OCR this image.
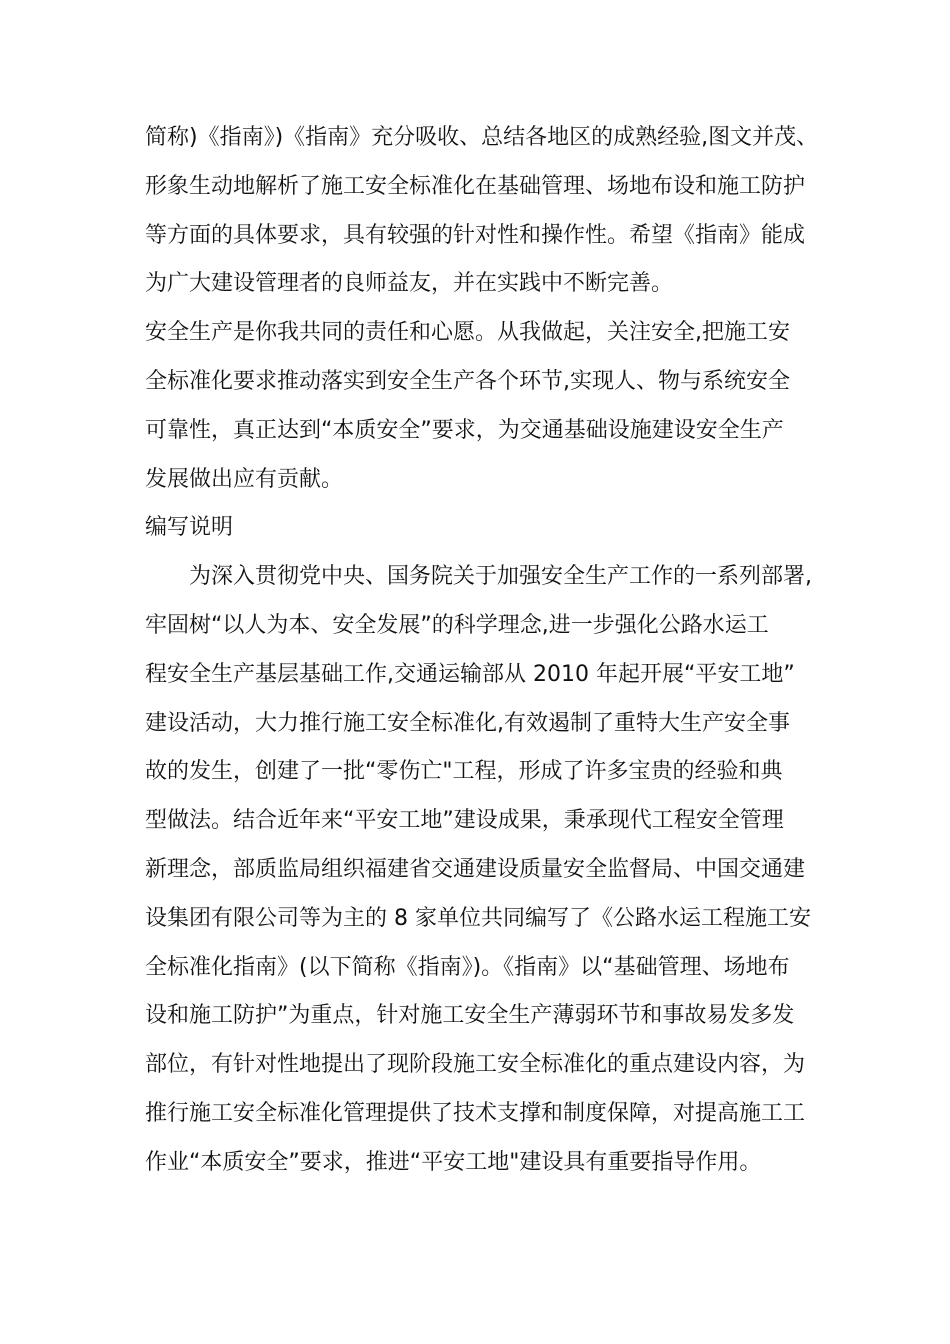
简称)《指南》)《指南》充分吸收、总结各地区的成熟经验,图文并茂、
形象生动地解析了施工安全标准化在基础管理、场地布设和施工防护
等方面的具体要求，具有较强的针对性和操作性。希望《指南》能成
为广大建设管理者的良师益友，并在实践中不断完善。
安全生产是你我共同的责任和心愿。从我做起，关注安全,把施工安
全标准化要求推动落实到安全生产各个环节,实现人、物与系统安全
可靠性，真正达到“本质安全”要求，为交通基础设施建设安全生产
发展做出应有贡献。
编写说明
为深入贯彻党中央、国务院关于加强安全生产工作的一系列部署,
牢固树“以人为本、安全发展”的科学理念,进一步强化公路水运工
程安全生产基层基础工作,交通运输部从 2010 年起开展“平安工地”
建设活动，大力推行施工安全标准化,有效遏制了重特大生产安全事
故的发生，创建了一批“零伤亡"工程，形成了许多宝贵的经验和典
型做法。结合近年来“平安工地”建设成果，秉承现代工程安全管理
新理念，部质监局组织福建省交通建设质量安全监督局、中国交通建
设集团有限公司等为主的 8 家单位共同编写了《公路水运工程施工安
全标准化指南》(以下简称《指南》)。《指南》以“基础管理、场地布
设和施工防护”为重点，针对施工安全生产薄弱环节和事故易发多发
部位，有针对性地提出了现阶段施工安全标准化的重点建设内容，为
推行施工安全标准化管理提供了技术支撑和制度保障，对提高施工工
作业“本质安全”要求，推进“平安工地"建设具有重要指导作用。
